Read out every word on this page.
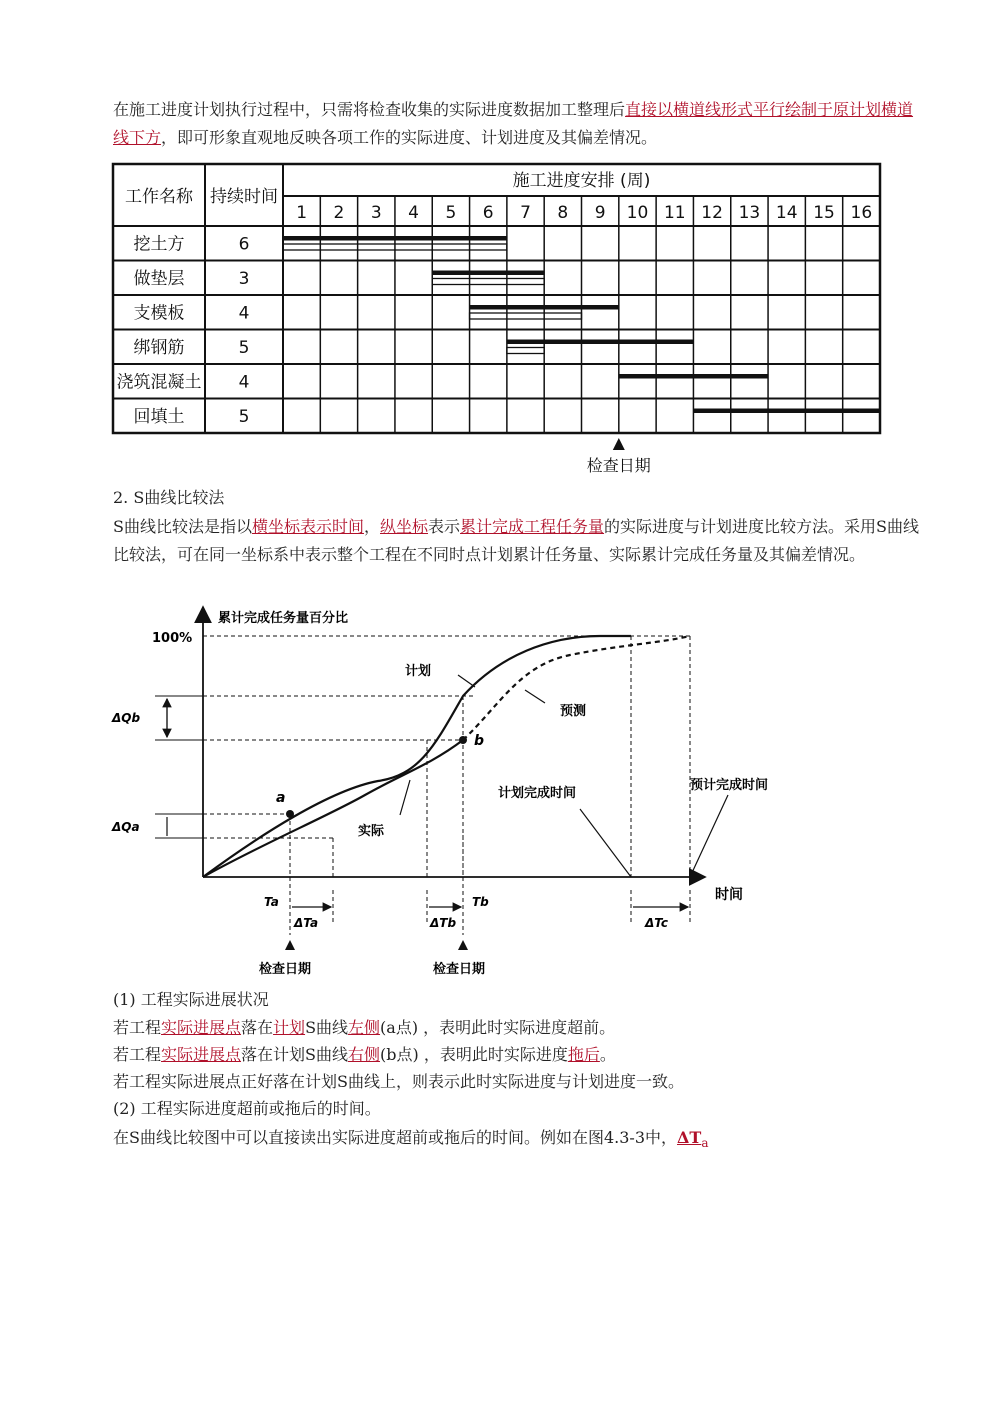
在施工进度计划执行过程中，只需将检查收集的实际进度数据加工整理后直接以横道线形式平行绘制于原计划横道线下方，即可形象直观地反映各项工作的实际进度、计划进度及其偏差情况。

工作名称 持续时间
施工进度安排 (周)
1 2 3 4 5 6 7 8 9 10 11 12 13 14 15 16
挖土方	6
做垫层	3
支模板	4
绑钢筋	5
浇筑混凝土 4
回填土	5
检查日期
2. S曲线比较法

S曲线比较法是指以横坐标表示时间，纵坐标表示累计完成工程任务量的实际进度与计划进度比较方法。采用S曲线比较法，可在同一坐标系中表示整个工程在不同时点计划累计任务量、实际累计完成任务量及其偏差情况。

累计完成任务量百分比
100%
时间
计划
预测
实际
a
b
ΔQb
ΔQa
计划完成时间
预计完成时间
Ta
ΔTa	ΔTb
Tb
ΔTc
检查日期	检查日期
(1) 工程实际进展状况
若工程实际进展点落在计划S曲线左侧(a点) ，表明此时实际进度超前。
若工程实际进展点落在计划S曲线右侧(b点) ，表明此时实际进度拖后。
若工程实际进展点正好落在计划S曲线上，则表示此时实际进度与计划进度一致。
(2) 工程实际进度超前或拖后的时间。
在S曲线比较图中可以直接读出实际进度超前或拖后的时间。例如在图4.3-3中，$\Delta T_a$
